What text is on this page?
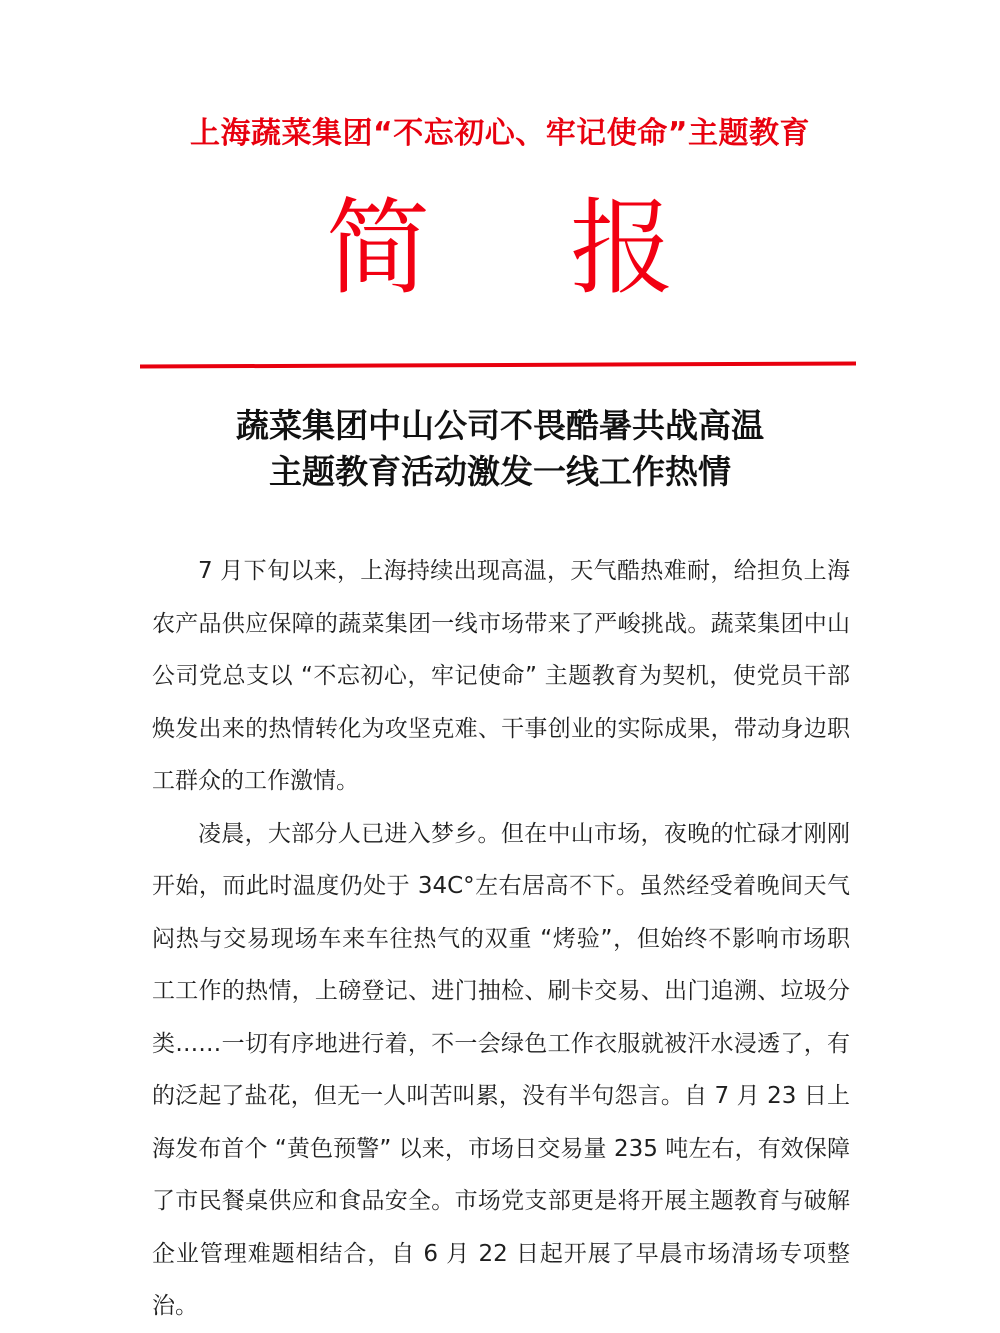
上海蔬菜集团“不忘初心、牢记使命”主题教育
简 报
蔬菜集团中山公司不畏酷暑共战高温
主题教育活动激发一线工作热情

7 月下旬以来，上海持续出现高温，天气酷热难耐，给担负上海农产品供应保障的蔬菜集团一线市场带来了严峻挑战。蔬菜集团中山公司党总支以 “不忘初心，牢记使命” 主题教育为契机，使党员干部焕发出来的热情转化为攻坚克难、干事创业的实际成果，带动身边职工群众的工作激情。

凌晨，大部分人已进入梦乡。但在中山市场，夜晚的忙碌才刚刚开始，而此时温度仍处于 34C°左右居高不下。虽然经受着晚间天气闷热与交易现场车来车往热气的双重 “烤验”，但始终不影响市场职工工作的热情，上磅登记、进门抽检、刷卡交易、出门追溯、垃圾分类……一切有序地进行着，不一会绿色工作衣服就被汗水浸透了，有的泛起了盐花，但无一人叫苦叫累，没有半句怨言。自 7 月 23 日上海发布首个 “黄色预警” 以来，市场日交易量 235 吨左右，有效保障了市民餐桌供应和食品安全。市场党支部更是将开展主题教育与破解企业管理难题相结合，自 6 月 22 日起开展了早晨市场清场专项整治。
